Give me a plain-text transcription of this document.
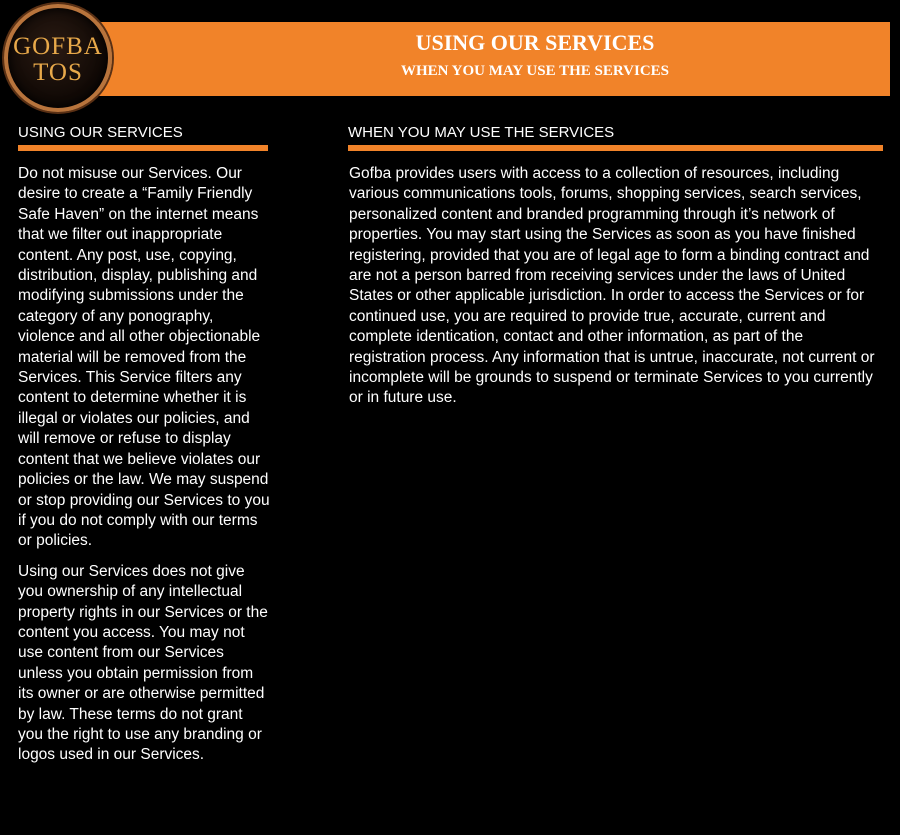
USING OUR SERVICES
WHEN YOU MAY USE THE SERVICES
GOFBA
TOS
USING OUR SERVICES

Do not misuse our Services. Our desire to create a “Family Friendly Safe Haven” on the internet means that we filter out inappropriate content. Any post, use, copying, distribution, display, publishing and modifying submissions under the category of any ponography, violence and all other objectionable material will be removed from the Services. This Service filters any content to determine whether it is illegal or violates our policies, and will remove or refuse to display content that we believe violates our policies or the law. We may suspend or stop providing our Services to you if you do not comply with our terms or policies.

Using our Services does not give you ownership of any intellectual property rights in our Services or the content you access. You may not use content from our Services unless you obtain permission from its owner or are otherwise permitted by law. These terms do not grant you the right to use any branding or logos used in our Services.

WHEN YOU MAY USE THE SERVICES

Gofba provides users with access to a collection of resources, including various communications tools, forums, shopping services, search services, personalized content and branded programming through it’s network of properties. You may start using the Services as soon as you have finished registering, provided that you are of legal age to form a binding contract and are not a person barred from receiving services under the laws of United States or other applicable jurisdiction. In order to access the Services or for continued use, you are required to provide true, accurate, current and complete identication, contact and other information, as part of the registration process. Any information that is untrue, inaccurate, not current or incomplete will be grounds to suspend or terminate Services to you currently or in future use.
